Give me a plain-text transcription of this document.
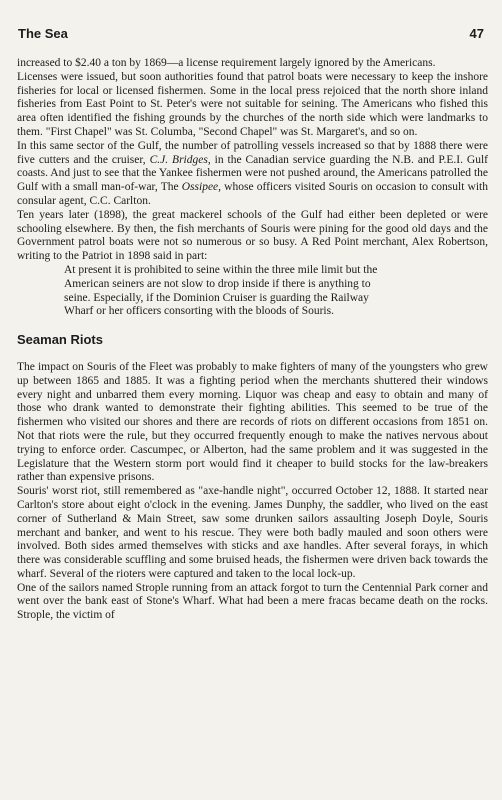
The Sea	47

increased to $2.40 a ton by 1869—a license requirement largely ignored by the Americans.

Licenses were issued, but soon authorities found that patrol boats were necessary to keep the inshore fisheries for local or licensed fishermen. Some in the local press rejoiced that the north shore inland fisheries from East Point to St. Peter's were not suitable for seining. The Americans who fished this area often identified the fishing grounds by the churches of the north side which were landmarks to them. "First Chapel" was St. Columba, "Second Chapel" was St. Margaret's, and so on.

In this same sector of the Gulf, the number of patrolling vessels increased so that by 1888 there were five cutters and the cruiser, C.J. Bridges, in the Canadian service guarding the N.B. and P.E.I. Gulf coasts. And just to see that the Yankee fishermen were not pushed around, the Americans patrolled the Gulf with a small man-of-war, The Ossipee, whose officers visited Souris on occasion to consult with consular agent, C.C. Carlton.

Ten years later (1898), the great mackerel schools of the Gulf had either been depleted or were schooling elsewhere. By then, the fish merchants of Souris were pining for the good old days and the Government patrol boats were not so numerous or so busy. A Red Point merchant, Alex Robertson, writing to the Patriot in 1898 said in part:

At present it is prohibited to seine within the three mile limit but the American seiners are not slow to drop inside if there is anything to seine. Especially, if the Dominion Cruiser is guarding the Railway Wharf or her officers consorting with the bloods of Souris.

Seaman Riots

The impact on Souris of the Fleet was probably to make fighters of many of the youngsters who grew up between 1865 and 1885. It was a fighting period when the merchants shuttered their windows every night and unbarred them every morning. Liquor was cheap and easy to obtain and many of those who drank wanted to demonstrate their fighting abilities. This seemed to be true of the fishermen who visited our shores and there are records of riots on different occasions from 1851 on. Not that riots were the rule, but they occurred frequently enough to make the natives nervous about trying to enforce order. Cascumpec, or Alberton, had the same problem and it was suggested in the Legislature that the Western storm port would find it cheaper to build stocks for the law-breakers rather than expensive prisons.

Souris' worst riot, still remembered as "axe-handle night", occurred October 12, 1888. It started near Carlton's store about eight o'clock in the evening. James Dunphy, the saddler, who lived on the east corner of Sutherland & Main Street, saw some drunken sailors assaulting Joseph Doyle, Souris merchant and banker, and went to his rescue. They were both badly mauled and soon others were involved. Both sides armed themselves with sticks and axe handles. After several forays, in which there was considerable scuffling and some bruised heads, the fishermen were driven back towards the wharf. Several of the rioters were captured and taken to the local lock-up.

One of the sailors named Strople running from an attack forgot to turn the Centennial Park corner and went over the bank east of Stone's Wharf. What had been a mere fracas became death on the rocks. Strople, the victim of
